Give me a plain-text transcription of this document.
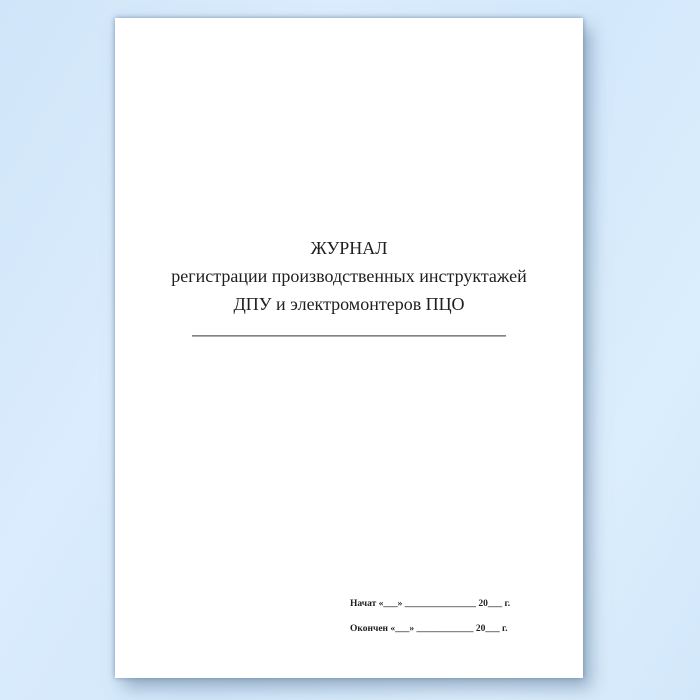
ЖУРНАЛ
регистрации производственных инструктажей
ДПУ и электромонтеров ПЦО
Начат «___» _______________ 20___ г.
Окончен «___» ____________ 20___ г.
